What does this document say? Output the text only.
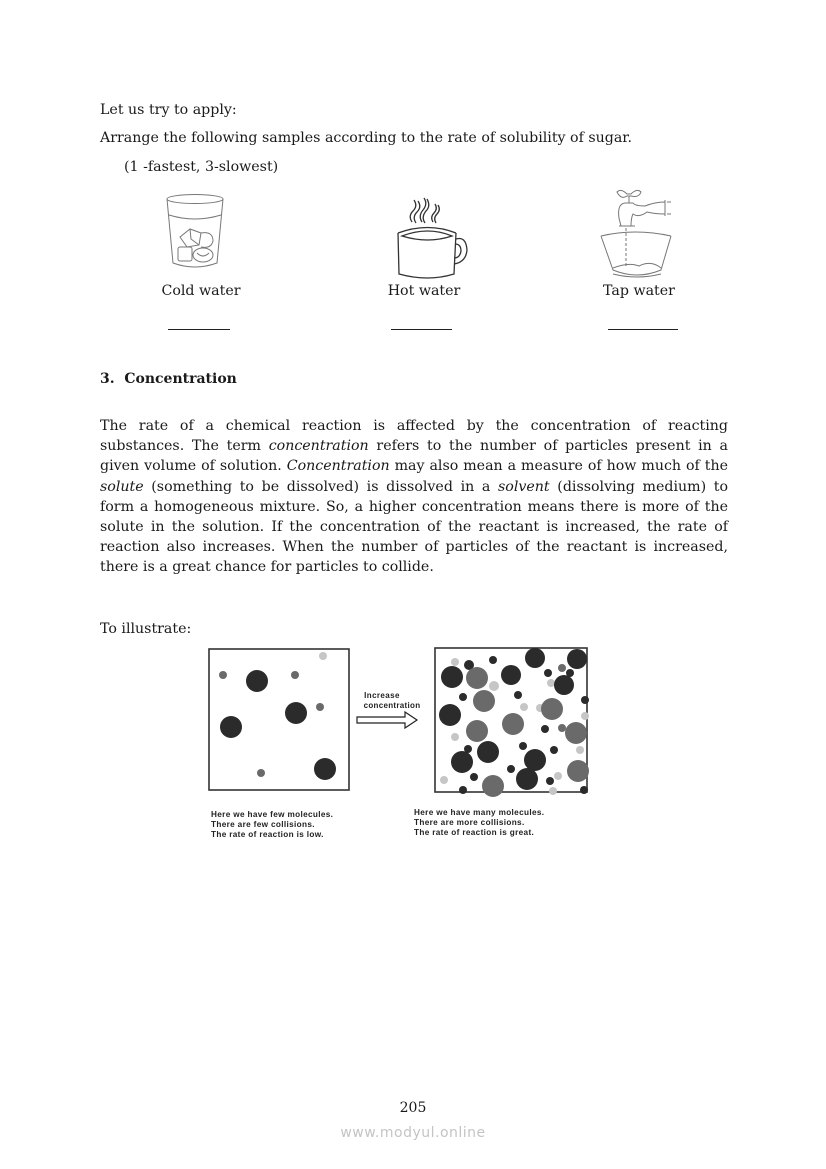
Let us try to apply:
Arrange the following samples according to the rate of solubility of sugar.
(1 -fastest, 3-slowest)
Cold water	Hot water	Tap water
3. Concentration
The rate of a chemical reaction is affected by the concentration of reacting substances. The term concentration refers to the number of particles present in a given volume of solution. Concentration may also mean a measure of how much of the solute (something to be dissolved) is dissolved in a solvent (dissolving medium) to form a homogeneous mixture. So, a higher concentration means there is more of the solute in the solution. If the concentration of the reactant is increased, the rate of reaction also increases. When the number of particles of the reactant is increased, there is a great chance for particles to collide.
To illustrate:
Increase
concentration
Here we have few molecules.
There are few collisions.
The rate of reaction is low.
Here we have many molecules.
There are more collisions.
The rate of reaction is great.
205
www.modyul.online
